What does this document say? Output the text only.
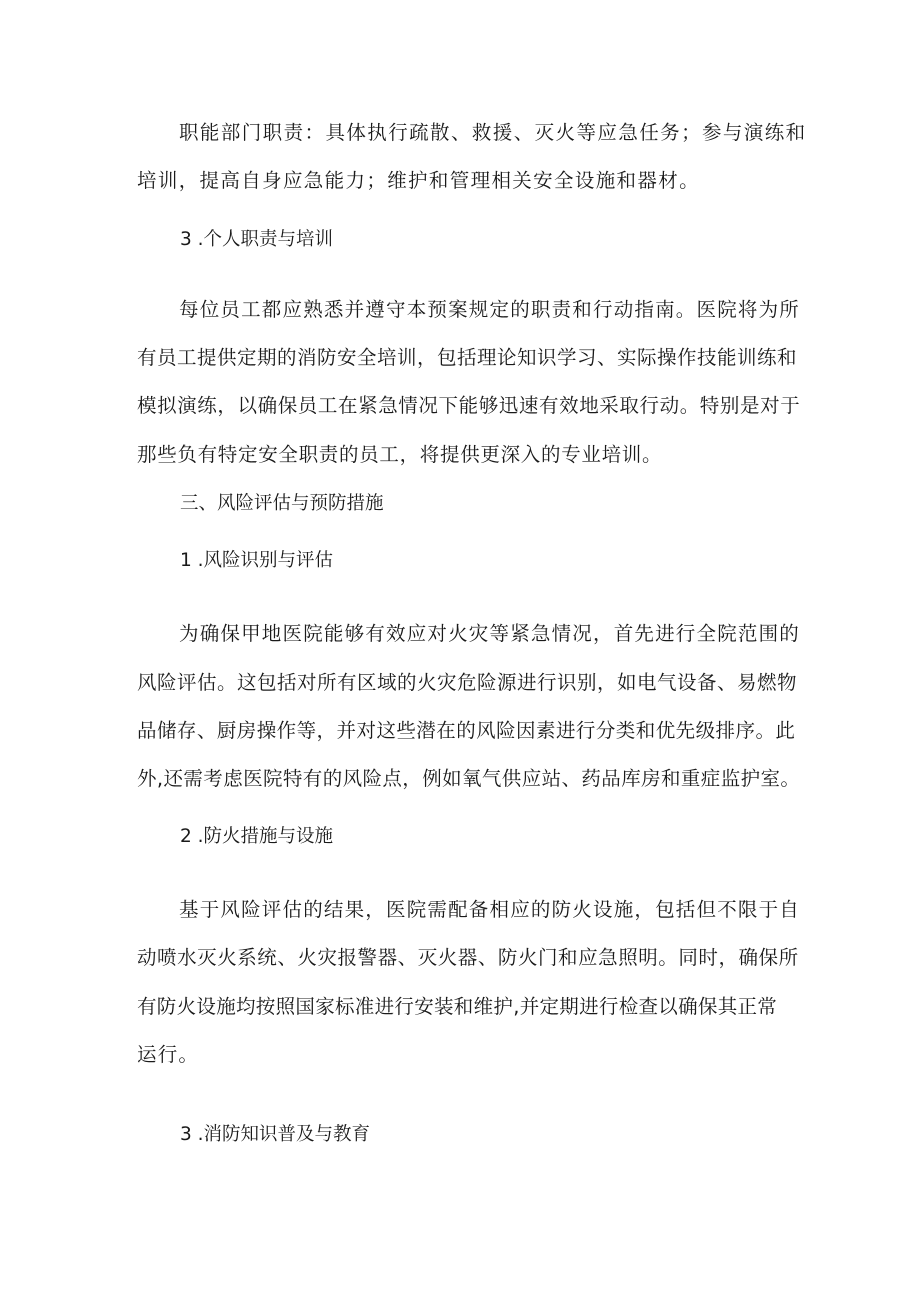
职能部门职责：具体执行疏散、救援、灭火等应急任务；参与演练和

培训，提高自身应急能力；维护和管理相关安全设施和器材。

3 .个人职责与培训

每位员工都应熟悉并遵守本预案规定的职责和行动指南。医院将为所

有员工提供定期的消防安全培训，包括理论知识学习、实际操作技能训练和

模拟演练，以确保员工在紧急情况下能够迅速有效地采取行动。特别是对于

那些负有特定安全职责的员工，将提供更深入的专业培训。

三、风险评估与预防措施

1 .风险识别与评估

为确保甲地医院能够有效应对火灾等紧急情况，首先进行全院范围的

风险评估。这包括对所有区域的火灾危险源进行识别，如电气设备、易燃物

品储存、厨房操作等，并对这些潜在的风险因素进行分类和优先级排序。此

外,还需考虑医院特有的风险点，例如氧气供应站、药品库房和重症监护室。

2 .防火措施与设施

基于风险评估的结果，医院需配备相应的防火设施，包括但不限于自

动喷水灭火系统、火灾报警器、灭火器、防火门和应急照明。同时，确保所

有防火设施均按照国家标准进行安装和维护,并定期进行检查以确保其正常

运行。

3 .消防知识普及与教育
